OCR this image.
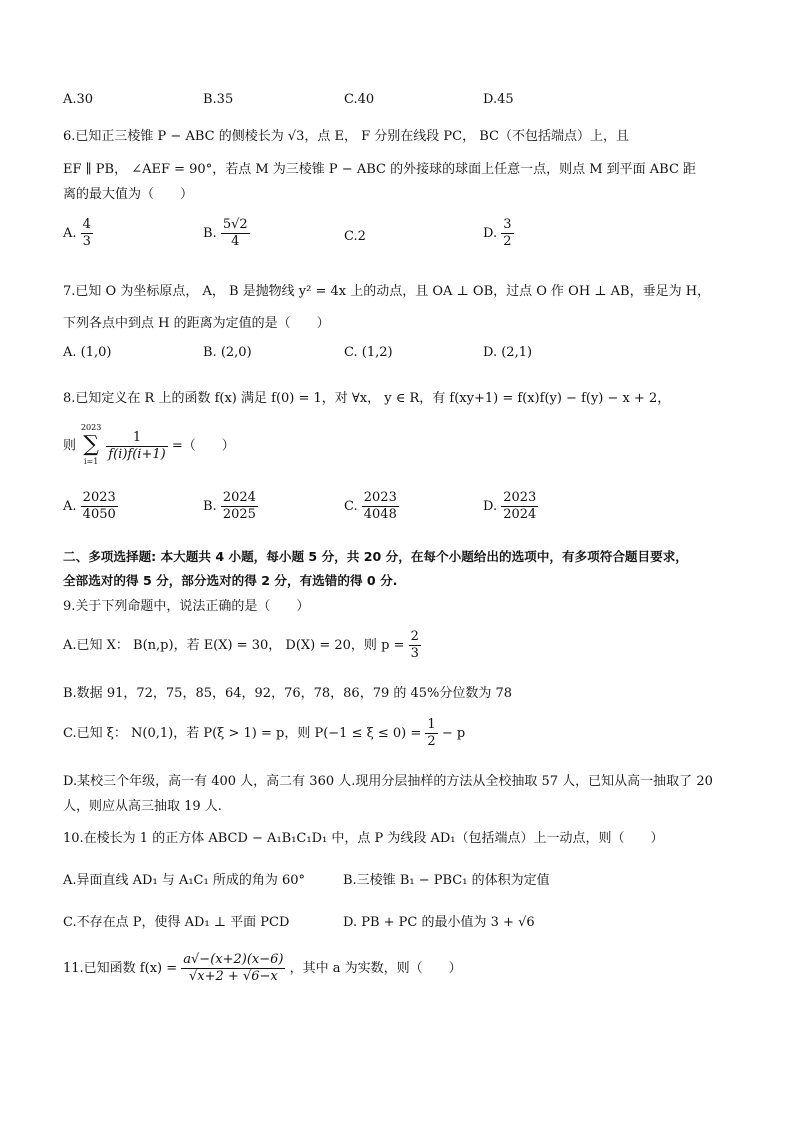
A.30	B.35	C.40	D.45
6.已知正三棱锥 P − ABC 的侧棱长为 √3，点 E， F 分别在线段 PC， BC（不包括端点）上，且
EF ∥ PB， ∠AEF = 90°，若点 M 为三棱锥 P − ABC 的外接球的球面上任意一点，则点 M 到平面 ABC 距
离的最大值为（　　）
A. $\frac{4}{3}$	B. $\frac{5√2}{4}$	C.2	D. $\frac{3}{2}$
7.已知 O 为坐标原点， A， B 是抛物线 y² = 4x 上的动点，且 OA ⊥ OB，过点 O 作 OH ⊥ AB，垂足为 H，
下列各点中到点 H 的距离为定值的是（　　）
A. (1,0)	B. (2,0)	C. (1,2)	D. (2,1)
8.已知定义在 R 上的函数 f(x) 满足 f(0) = 1，对 ∀x， y ∈ R，有 f(xy+1) = f(x)f(y) − f(y) − x + 2，
则
2023
∑
i=1
$\frac{1}{f(i)f(i+1)}$ =（　　）
A. $\frac{2023}{4050}$	B. $\frac{2024}{2025}$	C. $\frac{2023}{4048}$	D. $\frac{2023}{2024}$
二、多项选择题: 本大题共 4 小题，每小题 5 分，共 20 分，在每个小题给出的选项中，有多项符合题目要求，
全部选对的得 5 分，部分选对的得 2 分，有选错的得 0 分.
9.关于下列命题中，说法正确的是（　　）
A.已知 X： B(n,p)，若 E(X) = 30， D(X) = 20，则 $p = \frac{2}{3}$
B.数据 91，72，75，85，64，92，76，78，86，79 的 45%分位数为 78
C.已知 ξ： N(0,1)，若 P(ξ > 1) = p，则 $P(-1 \le \xi \le 0) = \frac{1}{2} - p$
D.某校三个年级，高一有 400 人，高二有 360 人.现用分层抽样的方法从全校抽取 57 人，已知从高一抽取了 20
人，则应从高三抽取 19 人.
10.在棱长为 1 的正方体 ABCD − A₁B₁C₁D₁ 中，点 P 为线段 AD₁（包括端点）上一动点，则（　　）
A.异面直线 AD₁ 与 A₁C₁ 所成的角为 60°	B.三棱锥 B₁ − PBC₁ 的体积为定值
C.不存在点 P，使得 AD₁ ⊥ 平面 PCD	D. PB + PC 的最小值为 3 + √6
11.已知函数 $f(x) = \frac{a√-(x+2)(x-6)}{√x+2 + √6-x}$ ，其中 a 为实数，则（　　）
